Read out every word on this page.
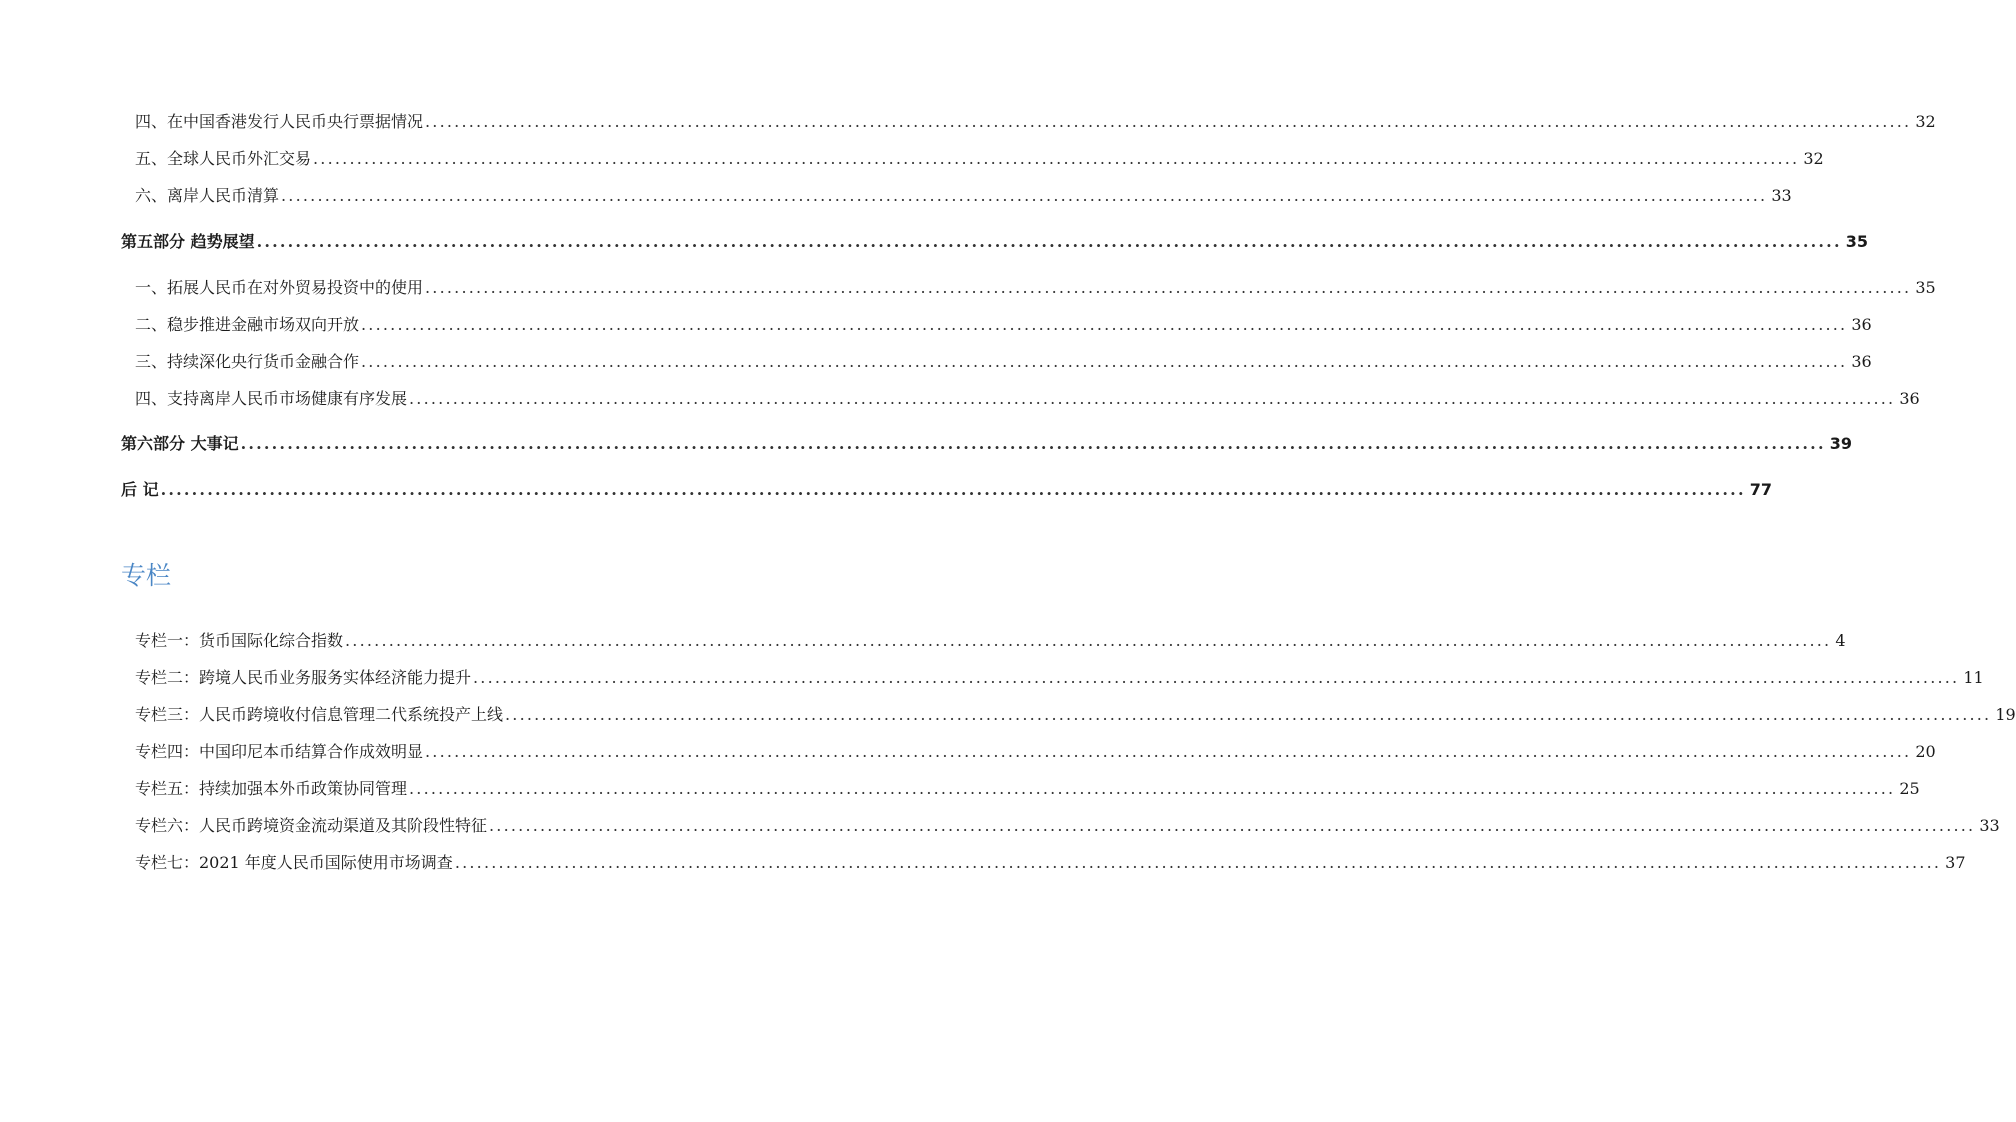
四、在中国香港发行人民币央行票据情况 ............................................................................................................................................................................................................ 32
五、全球人民币外汇交易 ............................................................................................................................................................................................................ 32
六、离岸人民币清算 ............................................................................................................................................................................................................ 33
第五部分 趋势展望 ............................................................................................................................................................................................................ 35
一、拓展人民币在对外贸易投资中的使用 ............................................................................................................................................................................................................ 35
二、稳步推进金融市场双向开放 ............................................................................................................................................................................................................ 36
三、持续深化央行货币金融合作 ............................................................................................................................................................................................................ 36
四、支持离岸人民币市场健康有序发展 ............................................................................................................................................................................................................ 36
第六部分 大事记 ............................................................................................................................................................................................................ 39
后 记 ............................................................................................................................................................................................................ 77
专栏
专栏一：货币国际化综合指数 ............................................................................................................................................................................................................ 4
专栏二：跨境人民币业务服务实体经济能力提升 ............................................................................................................................................................................................................ 11
专栏三：人民币跨境收付信息管理二代系统投产上线 ............................................................................................................................................................................................................ 19
专栏四：中国印尼本币结算合作成效明显 ............................................................................................................................................................................................................ 20
专栏五：持续加强本外币政策协同管理 ............................................................................................................................................................................................................ 25
专栏六：人民币跨境资金流动渠道及其阶段性特征 ............................................................................................................................................................................................................ 33
专栏七：2021 年度人民币国际使用市场调查 ............................................................................................................................................................................................................ 37
